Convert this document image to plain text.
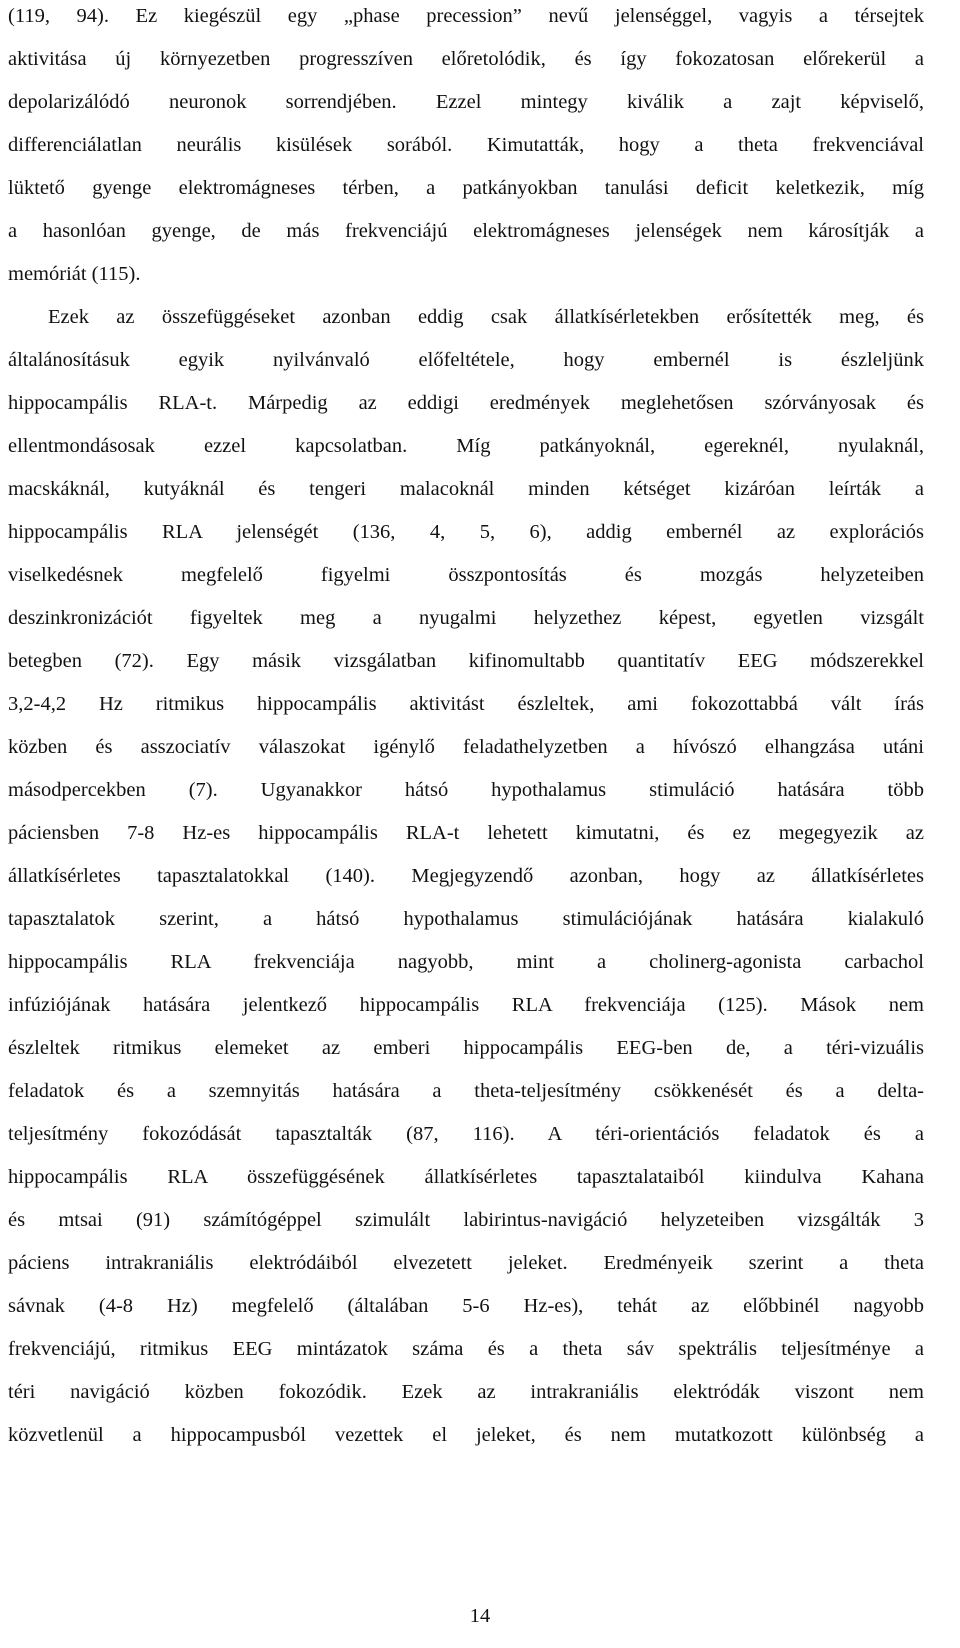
(119, 94). Ez kiegészül egy „phase precession” nevű jelenséggel, vagyis a térsejtek
aktivitása új környezetben progresszíven előretolódik, és így fokozatosan előrekerül a
depolarizálódó neuronok sorrendjében. Ezzel mintegy kiválik a zajt képviselő,
differenciálatlan neurális kisülések sorából. Kimutatták, hogy a theta frekvenciával
lüktető gyenge elektromágneses térben, a patkányokban tanulási deficit keletkezik, míg
a hasonlóan gyenge, de más frekvenciájú elektromágneses jelenségek nem károsítják a
memóriát (115).
Ezek az összefüggéseket azonban eddig csak állatkísérletekben erősítették meg, és
általánosításuk egyik nyilvánvaló előfeltétele, hogy embernél is észleljünk
hippocampális RLA-t. Márpedig az eddigi eredmények meglehetősen szórványosak és
ellentmondásosak ezzel kapcsolatban. Míg patkányoknál, egereknél, nyulaknál,
macskáknál, kutyáknál és tengeri malacoknál minden kétséget kizáróan leírták a
hippocampális RLA jelenségét (136, 4, 5, 6), addig embernél az explorációs
viselkedésnek megfelelő figyelmi összpontosítás és mozgás helyzeteiben
deszinkronizációt figyeltek meg a nyugalmi helyzethez képest, egyetlen vizsgált
betegben (72). Egy másik vizsgálatban kifinomultabb quantitatív EEG módszerekkel
3,2-4,2 Hz ritmikus hippocampális aktivitást észleltek, ami fokozottabbá vált írás
közben és asszociatív válaszokat igénylő feladathelyzetben a hívószó elhangzása utáni
másodpercekben (7). Ugyanakkor hátsó hypothalamus stimuláció hatására több
páciensben 7-8 Hz-es hippocampális RLA-t lehetett kimutatni, és ez megegyezik az
állatkísérletes tapasztalatokkal (140). Megjegyzendő azonban, hogy az állatkísérletes
tapasztalatok szerint, a hátsó hypothalamus stimulációjának hatására kialakuló
hippocampális RLA frekvenciája nagyobb, mint a cholinerg-agonista carbachol
infúziójának hatására jelentkező hippocampális RLA frekvenciája (125). Mások nem
észleltek ritmikus elemeket az emberi hippocampális EEG-ben de, a téri-vizuális
feladatok és a szemnyitás hatására a theta-teljesítmény csökkenését és a delta-
teljesítmény fokozódását tapasztalták (87, 116). A téri-orientációs feladatok és a
hippocampális RLA összefüggésének állatkísérletes tapasztalataiból kiindulva Kahana
és mtsai (91) számítógéppel szimulált labirintus-navigáció helyzeteiben vizsgálták 3
páciens intrakraniális elektródáiból elvezetett jeleket. Eredményeik szerint a theta
sávnak (4-8 Hz) megfelelő (általában 5-6 Hz-es), tehát az előbbinél nagyobb
frekvenciájú, ritmikus EEG mintázatok száma és a theta sáv spektrális teljesítménye a
téri navigáció közben fokozódik. Ezek az intrakraniális elektródák viszont nem
közvetlenül a hippocampusból vezettek el jeleket, és nem mutatkozott különbség a
14
